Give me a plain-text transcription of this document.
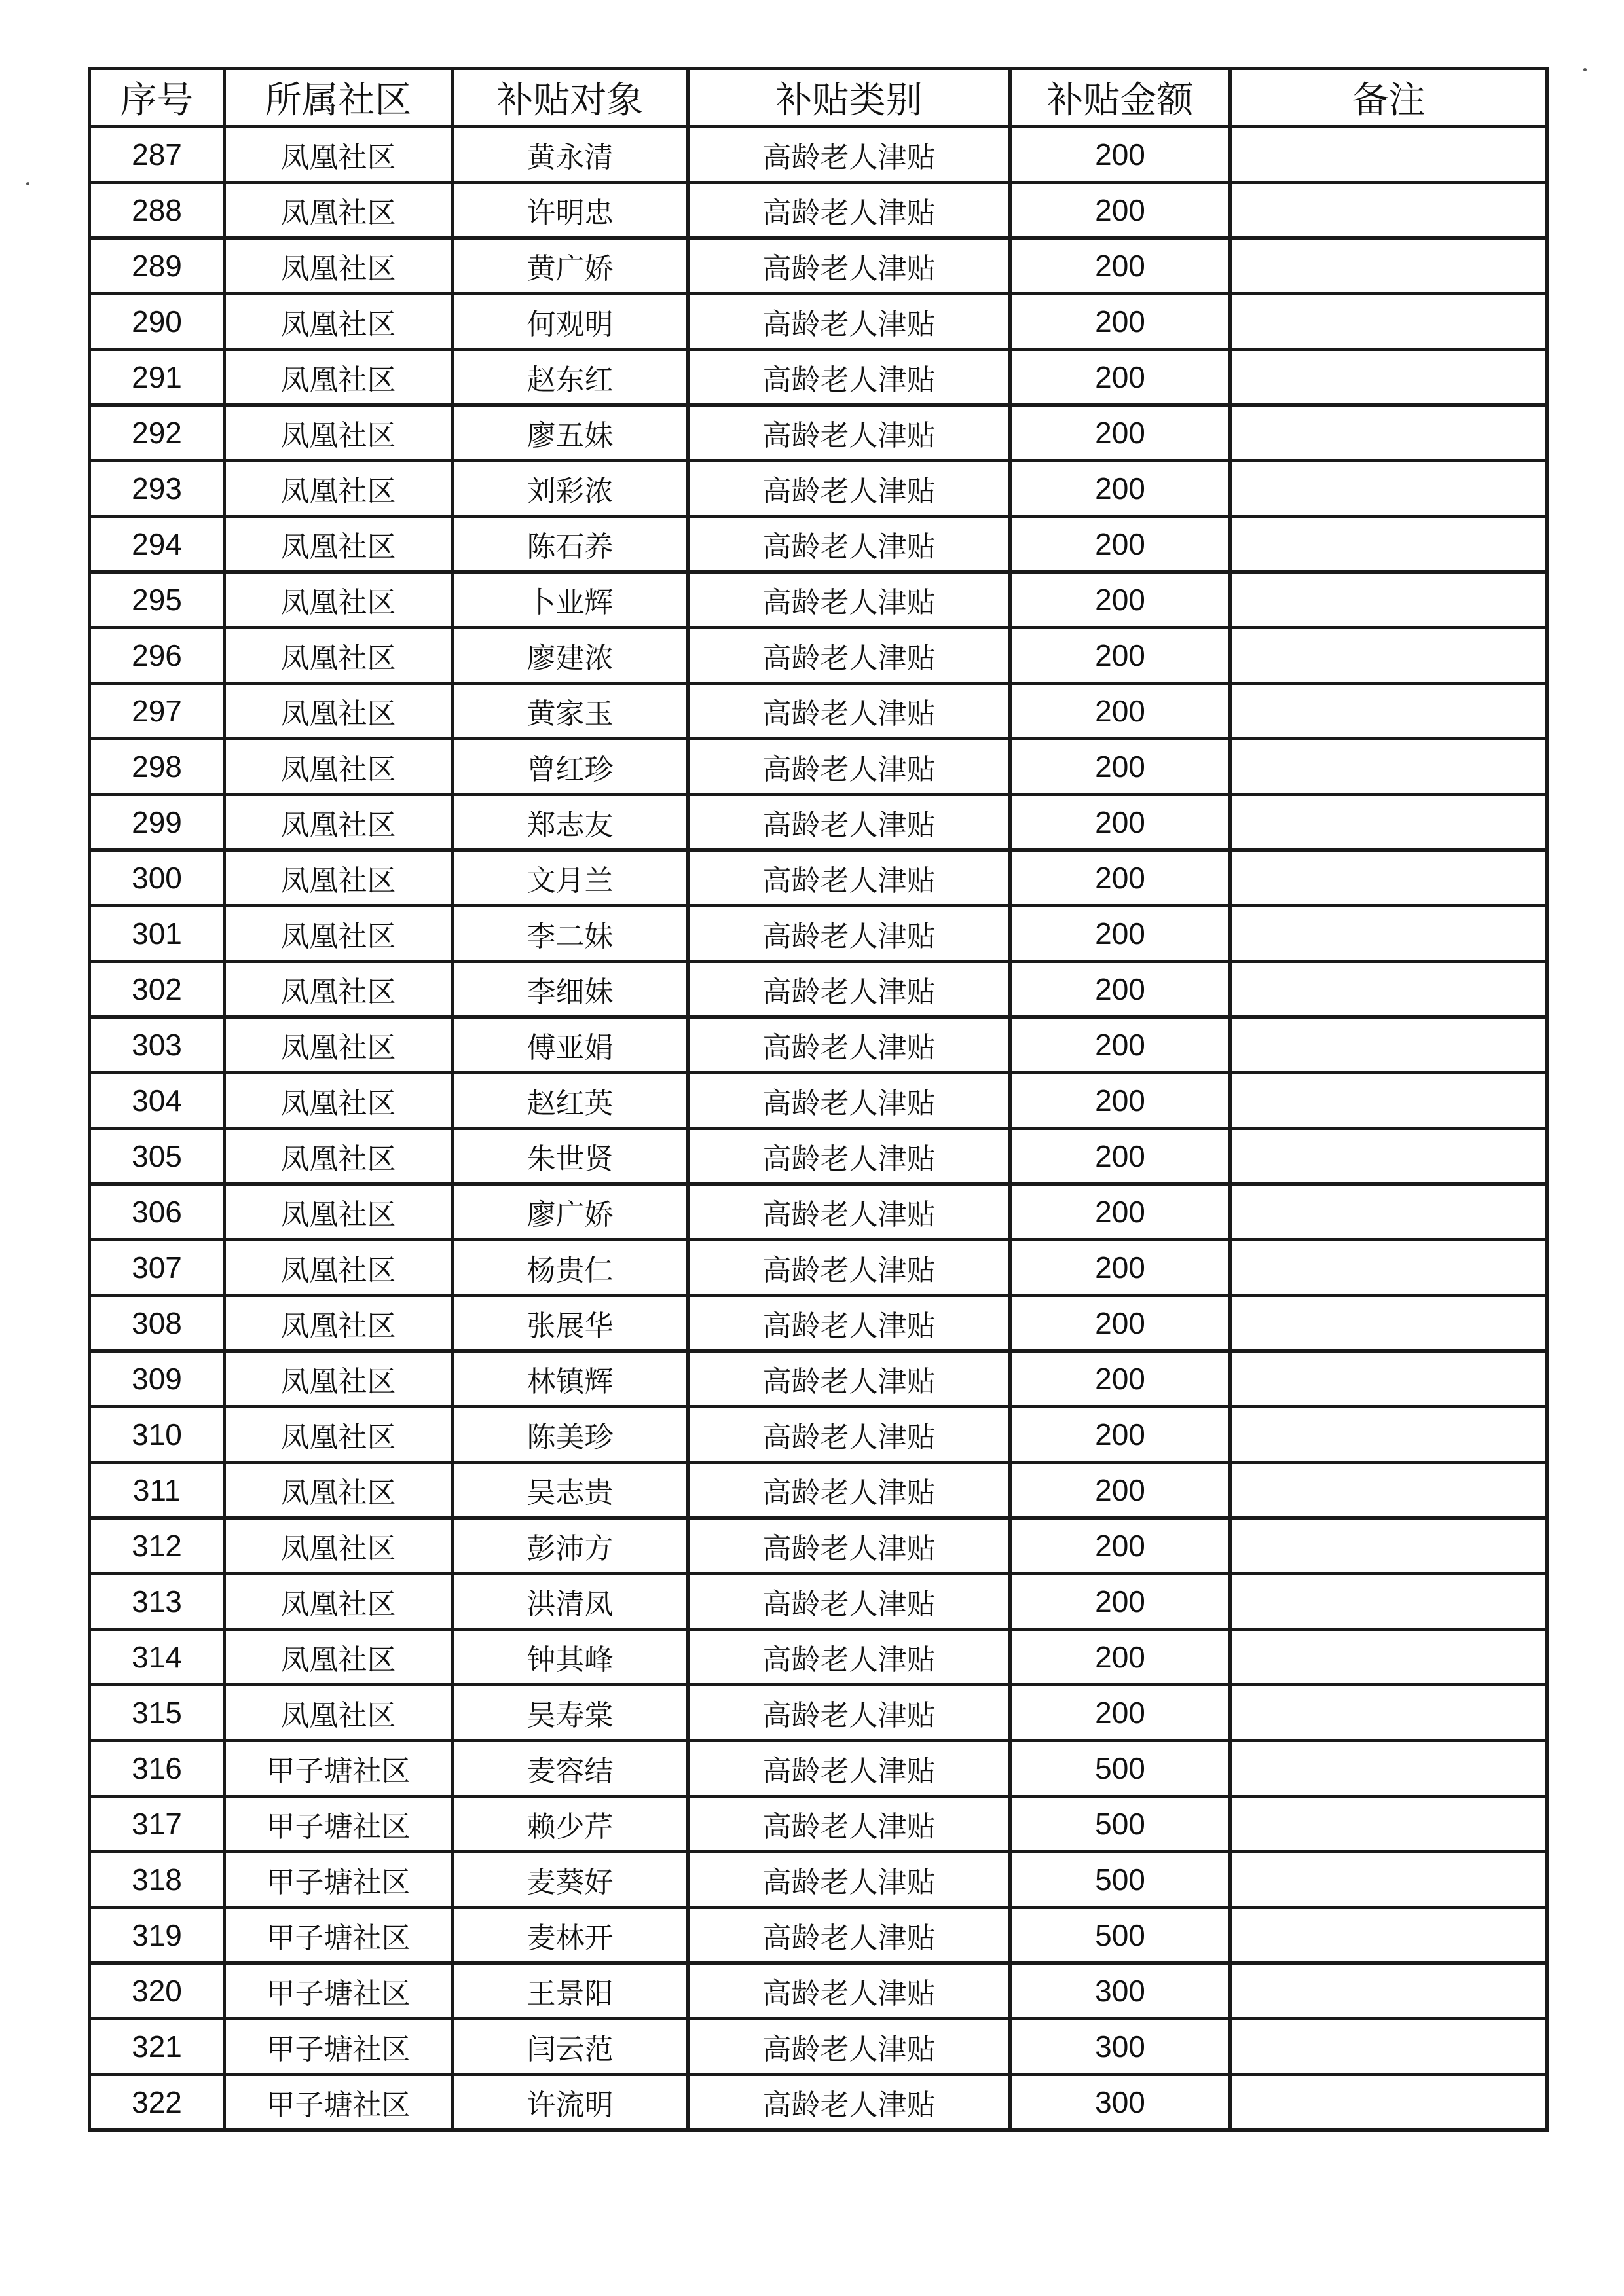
序号	所属社区	补贴对象	补贴类别	补贴金额	备注
287	凤凰社区	黄永清	高龄老人津贴	200	
288	凤凰社区	许明忠	高龄老人津贴	200	
289	凤凰社区	黄广娇	高龄老人津贴	200	
290	凤凰社区	何观明	高龄老人津贴	200	
291	凤凰社区	赵东红	高龄老人津贴	200	
292	凤凰社区	廖五妹	高龄老人津贴	200	
293	凤凰社区	刘彩浓	高龄老人津贴	200	
294	凤凰社区	陈石养	高龄老人津贴	200	
295	凤凰社区	卜业辉	高龄老人津贴	200	
296	凤凰社区	廖建浓	高龄老人津贴	200	
297	凤凰社区	黄家玉	高龄老人津贴	200	
298	凤凰社区	曾红珍	高龄老人津贴	200	
299	凤凰社区	郑志友	高龄老人津贴	200	
300	凤凰社区	文月兰	高龄老人津贴	200	
301	凤凰社区	李二妹	高龄老人津贴	200	
302	凤凰社区	李细妹	高龄老人津贴	200	
303	凤凰社区	傅亚娟	高龄老人津贴	200	
304	凤凰社区	赵红英	高龄老人津贴	200	
305	凤凰社区	朱世贤	高龄老人津贴	200	
306	凤凰社区	廖广娇	高龄老人津贴	200	
307	凤凰社区	杨贵仁	高龄老人津贴	200	
308	凤凰社区	张展华	高龄老人津贴	200	
309	凤凰社区	林镇辉	高龄老人津贴	200	
310	凤凰社区	陈美珍	高龄老人津贴	200	
311	凤凰社区	吴志贵	高龄老人津贴	200	
312	凤凰社区	彭沛方	高龄老人津贴	200	
313	凤凰社区	洪清凤	高龄老人津贴	200	
314	凤凰社区	钟其峰	高龄老人津贴	200	
315	凤凰社区	吴寿棠	高龄老人津贴	200	
316	甲子塘社区	麦容结	高龄老人津贴	500	
317	甲子塘社区	赖少芹	高龄老人津贴	500	
318	甲子塘社区	麦葵好	高龄老人津贴	500	
319	甲子塘社区	麦林开	高龄老人津贴	500	
320	甲子塘社区	王景阳	高龄老人津贴	300	
321	甲子塘社区	闫云范	高龄老人津贴	300	
322	甲子塘社区	许流明	高龄老人津贴	300	
